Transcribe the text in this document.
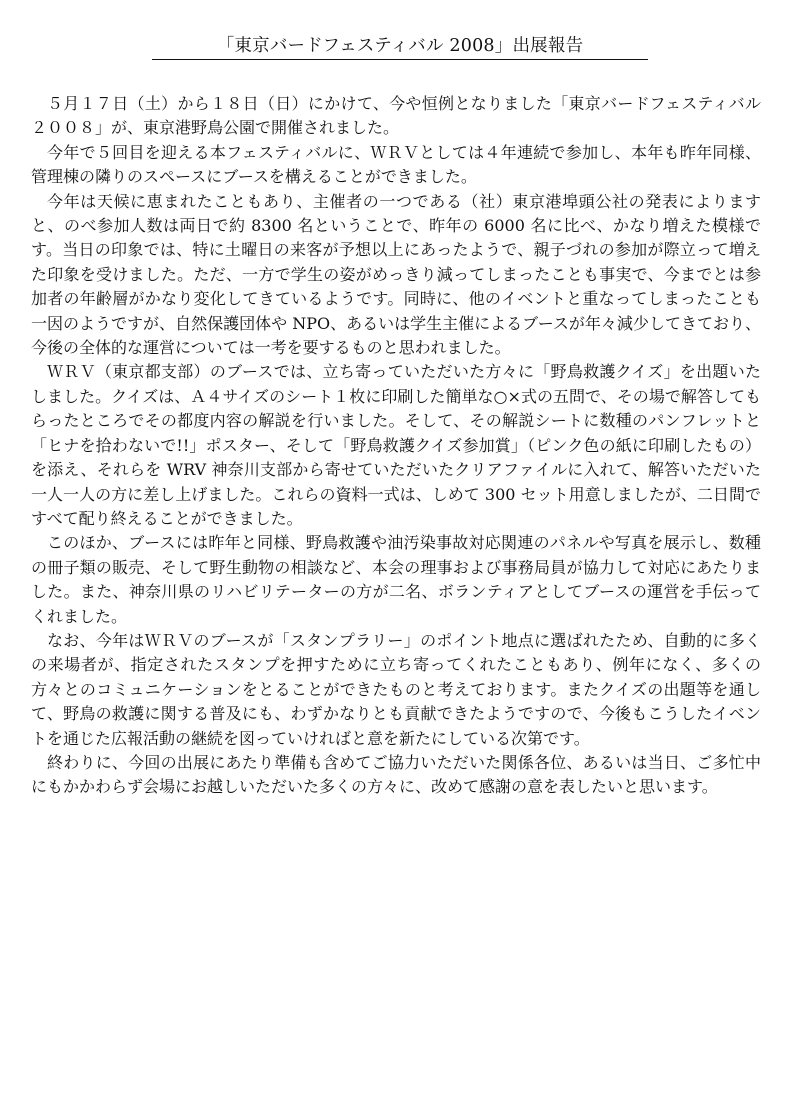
「東京バードフェスティバル 2008」出展報告

５月１７日（土）から１８日（日）にかけて、今や恒例となりました「東京バードフェスティバル ２００８」が、東京港野鳥公園で開催されました。

今年で５回目を迎える本フェスティバルに、ＷＲＶとしては４年連続で参加し、本年も昨年同様、管理棟の隣りのスペースにブースを構えることができました。

今年は天候に恵まれたこともあり、主催者の一つである（社）東京港埠頭公社の発表によりますと、のべ参加人数は両日で約 8300 名ということで、昨年の 6000 名に比べ、かなり増えた模様です。当日の印象では、特に土曜日の来客が予想以上にあったようで、親子づれの参加が際立って増えた印象を受けました。ただ、一方で学生の姿がめっきり減ってしまったことも事実で、今までとは参加者の年齢層がかなり変化してきているようです。同時に、他のイベントと重なってしまったことも一因のようですが、自然保護団体や NPO、あるいは学生主催によるブースが年々減少してきており、今後の全体的な運営については一考を要するものと思われました。

ＷＲＶ（東京都支部）のブースでは、立ち寄っていただいた方々に「野鳥救護クイズ」を出題いたしました。クイズは、Ａ４サイズのシート１枚に印刷した簡単な○×式の五問で、その場で解答してもらったところでその都度内容の解説を行いました。そして、その解説シートに数種のパンフレットと「ヒナを拾わないで!!」ポスター、そして「野鳥救護クイズ参加賞」（ピンク色の紙に印刷したもの）を添え、それらを WRV 神奈川支部から寄せていただいたクリアファイルに入れて、解答いただいた一人一人の方に差し上げました。これらの資料一式は、しめて 300 セット用意しましたが、二日間ですべて配り終えることができました。

このほか、ブースには昨年と同様、野鳥救護や油汚染事故対応関連のパネルや写真を展示し、数種の冊子類の販売、そして野生動物の相談など、本会の理事および事務局員が協力して対応にあたりました。また、神奈川県のリハビリテーターの方が二名、ボランティアとしてブースの運営を手伝ってくれました。

なお、今年はＷＲＶのブースが「スタンプラリー」のポイント地点に選ばれたため、自動的に多くの来場者が、指定されたスタンプを押すために立ち寄ってくれたこともあり、例年になく、多くの方々とのコミュニケーションをとることができたものと考えております。またクイズの出題等を通して、野鳥の救護に関する普及にも、わずかなりとも貢献できたようですので、今後もこうしたイベントを通じた広報活動の継続を図っていければと意を新たにしている次第です。

終わりに、今回の出展にあたり準備も含めてご協力いただいた関係各位、あるいは当日、ご多忙中にもかかわらず会場にお越しいただいた多くの方々に、改めて感謝の意を表したいと思います。
